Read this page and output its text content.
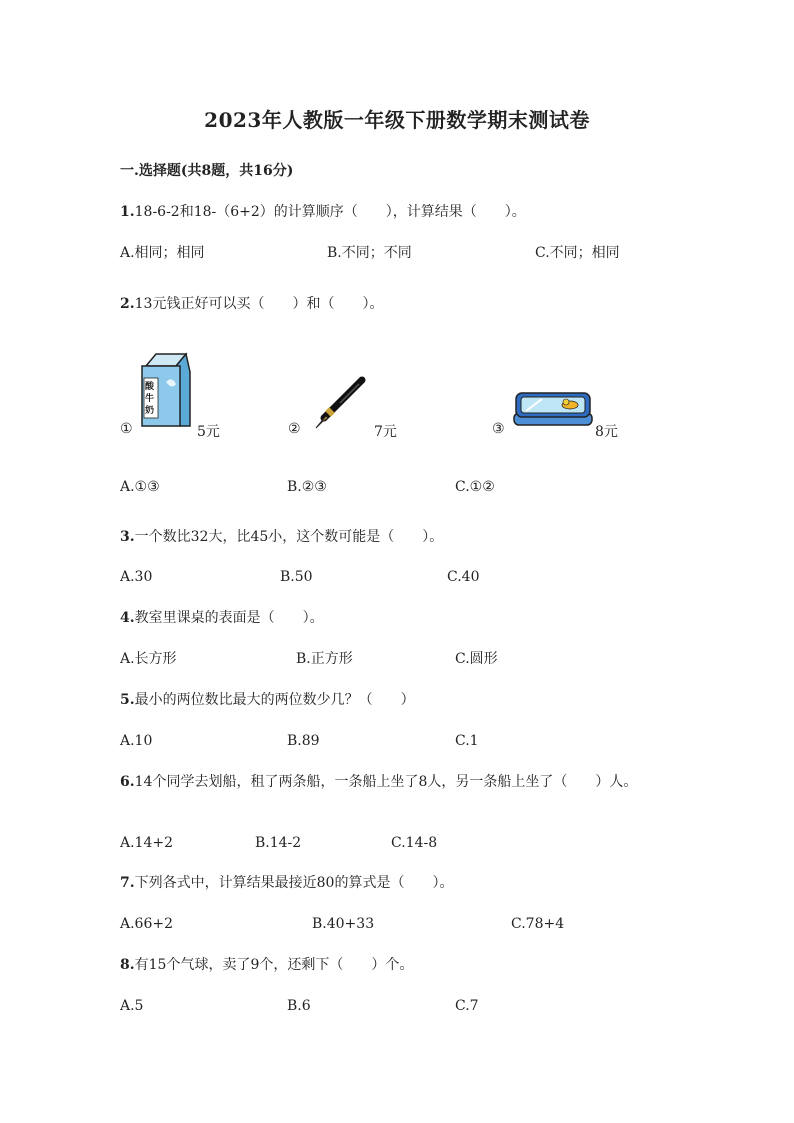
2023年人教版一年级下册数学期末测试卷
一.选择题(共8题，共16分)
1.18-6-2和18-（6+2）的计算顺序（　　），计算结果（　　）。
A.相同；相同	B.不同；不同	C.不同；相同
2.13元钱正好可以买（　　）和（　　）。
①
酸牛奶
5元	②	7元	③	8元
A.①③	B.②③	C.①②
3.一个数比32大，比45小，这个数可能是（　　）。
A.30	B.50	C.40
4.教室里课桌的表面是（　　）。
A.长方形	B.正方形	C.圆形
5.最小的两位数比最大的两位数少几？（　　）
A.10	B.89	C.1
6.14个同学去划船，租了两条船，一条船上坐了8人，另一条船上坐了（　　）人。
A.14+2	B.14-2	C.14-8
7.下列各式中，计算结果最接近80的算式是（　　）。
A.66+2	B.40+33	C.78+4
8.有15个气球，卖了9个，还剩下（　　）个。
A.5	B.6	C.7
